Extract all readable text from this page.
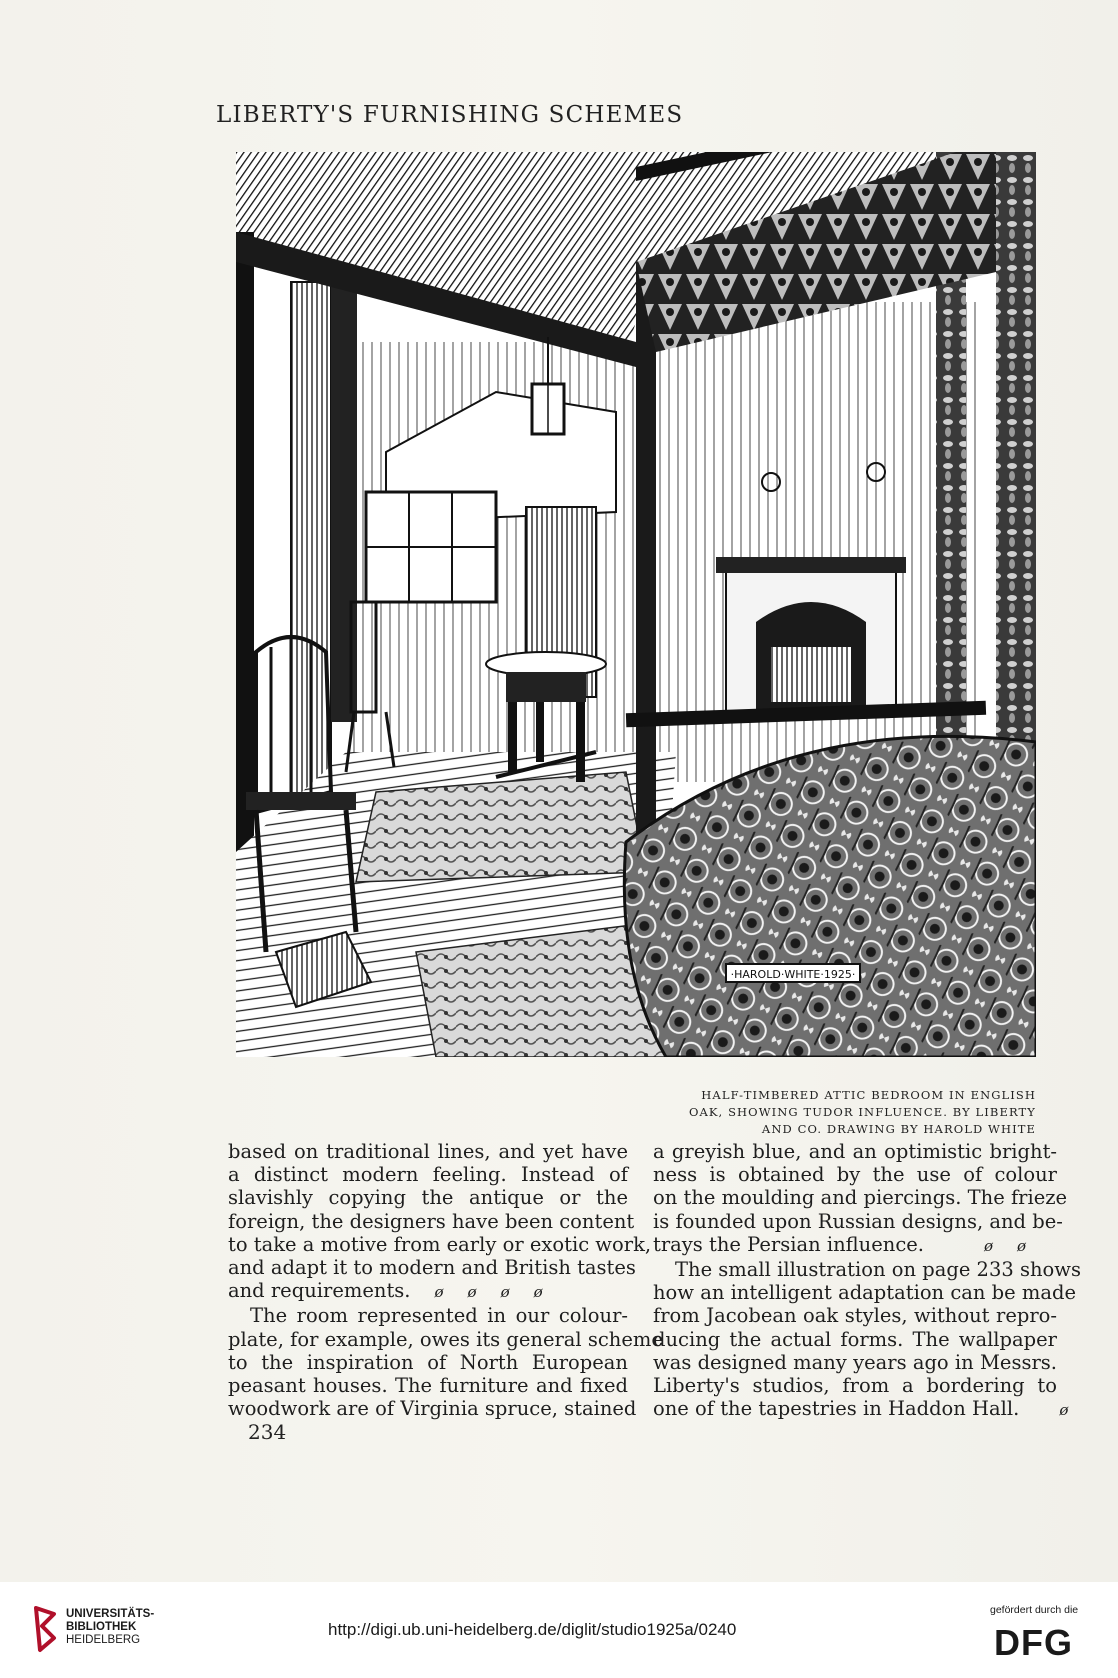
LIBERTY'S FURNISHING SCHEMES
·HAROLD·WHITE·1925·
HALF-TIMBERED ATTIC BEDROOM IN ENGLISH
OAK, SHOWING TUDOR INFLUENCE. BY LIBERTY
AND CO. DRAWING BY HAROLD WHITE

based on traditional lines, and yet have

a distinct modern feeling. Instead of

slavishly copying the antique or the

foreign, the designers have been content

to take a motive from early or exotic work,

and adapt it to modern and British tastes

and requirements. ø ø ø ø

The room represented in our colour-

plate, for example, owes its general scheme

to the inspiration of North European

peasant houses. The furniture and fixed

woodwork are of Virginia spruce, stained

a greyish blue, and an optimistic bright-

ness is obtained by the use of colour

on the moulding and piercings. The frieze

is founded upon Russian designs, and be-

trays the Persian influence.	ø ø

The small illustration on page 233 shows

how an intelligent adaptation can be made

from Jacobean oak styles, without repro-

ducing the actual forms. The wallpaper

was designed many years ago in Messrs.

Liberty's studios, from a bordering to

one of the tapestries in Haddon Hall.	ø

234
UNIVERSITÄTS-
BIBLIOTHEK
HEIDELBERG
http://digi.ub.uni-heidelberg.de/diglit/studio1925a/0240
gefördert durch die
DFG
